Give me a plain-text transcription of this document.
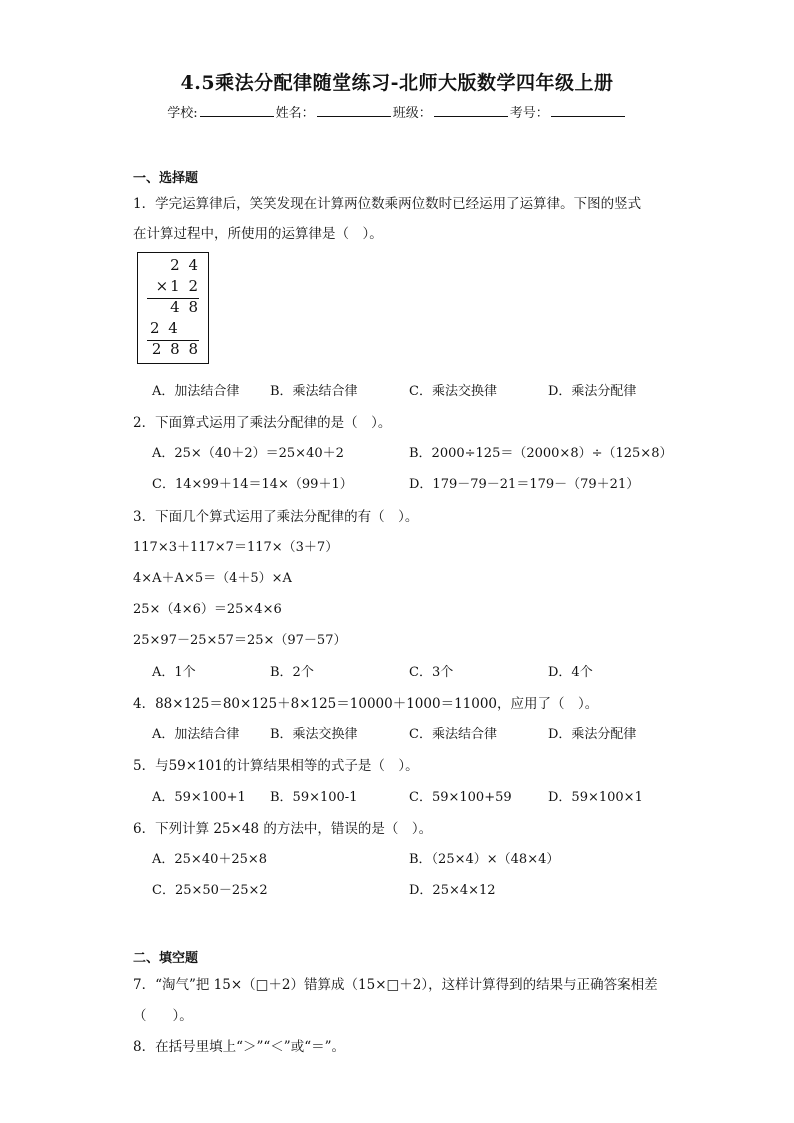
4.5乘法分配律随堂练习-北师大版数学四年级上册
学校:	姓名：	班级：	考号：
一、选择题
1．学完运算律后，笑笑发现在计算两位数乘两位数时已经运用了运算律。下图的竖式
在计算过程中，所使用的运算律是（　）。
2 4
×1 2
4 8
2 4
2 8 8
A．加法结合律 B．乘法结合律	C．乘法交换律	D．乘法分配律
2．下面算式运用了乘法分配律的是（　）。
A．25×（40＋2）＝25×40＋2	B．2000÷125＝（2000×8）÷（125×8）
C．14×99＋14＝14×（99＋1）	D．179－79－21＝179－（79＋21）
3．下面几个算式运用了乘法分配律的有（　）。
117×3＋117×7＝117×（3＋7）
4×A＋A×5＝（4＋5）×A
25×（4×6）＝25×4×6
25×97－25×57＝25×（97－57）
A．1个	B．2个	C．3个	D．4个
4．88×125＝80×125＋8×125＝10000＋1000＝11000，应用了（　）。
A．加法结合律 B．乘法交换律	C．乘法结合律	D．乘法分配律
5．与59×101的计算结果相等的式子是（　）。
A．59×100+1 B．59×100-1	C．59×100+59	D．59×100×1
6．下列计算 25×48 的方法中，错误的是（　）。
A．25×40＋25×8	B．（25×4）×（48×4）
C．25×50－25×2	D．25×4×12
二、填空题
7．“淘气”把 15×（□＋2）错算成（15×□＋2），这样计算得到的结果与正确答案相差
（ ）。
8．在括号里填上“＞”“＜”或“＝”。
